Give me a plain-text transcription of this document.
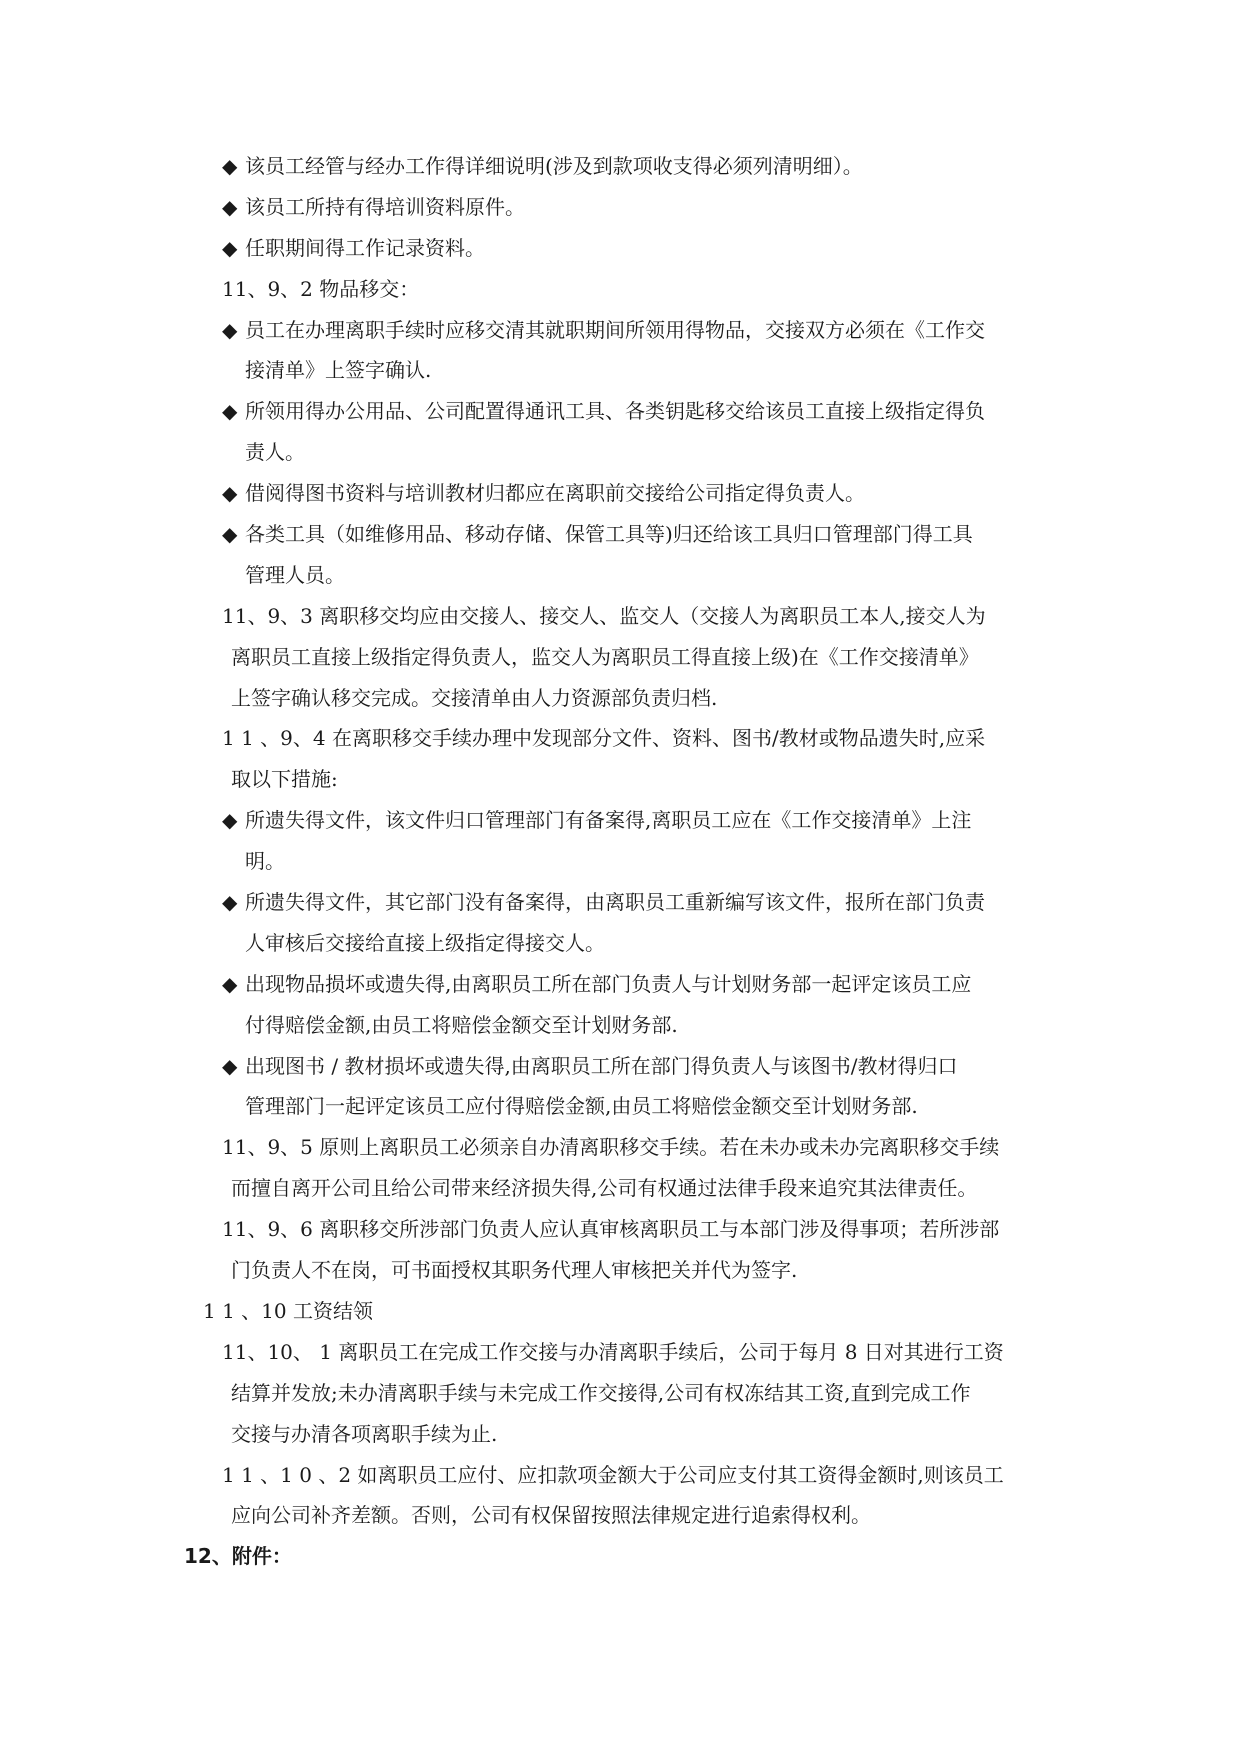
◆ 该员工经管与经办工作得详细说明(涉及到款项收支得必须列清明细）。
◆ 该员工所持有得培训资料原件。
◆ 任职期间得工作记录资料。
11、9、2 物品移交：
◆ 员工在办理离职手续时应移交清其就职期间所领用得物品，交接双方必须在《工作交
接清单》上签字确认.
◆ 所领用得办公用品、公司配置得通讯工具、各类钥匙移交给该员工直接上级指定得负
责人。
◆ 借阅得图书资料与培训教材归都应在离职前交接给公司指定得负责人。
◆ 各类工具（如维修用品、移动存储、保管工具等)归还给该工具归口管理部门得工具
管理人员。
11、9、3 离职移交均应由交接人、接交人、监交人（交接人为离职员工本人,接交人为
离职员工直接上级指定得负责人，监交人为离职员工得直接上级)在《工作交接清单》
上签字确认移交完成。交接清单由人力资源部负责归档.
1 1 、9、4 在离职移交手续办理中发现部分文件、资料、图书/教材或物品遗失时,应采
取以下措施:
◆ 所遗失得文件，该文件归口管理部门有备案得,离职员工应在《工作交接清单》上注
明。
◆ 所遗失得文件，其它部门没有备案得，由离职员工重新编写该文件，报所在部门负责
人审核后交接给直接上级指定得接交人。
◆ 出现物品损坏或遗失得,由离职员工所在部门负责人与计划财务部一起评定该员工应
付得赔偿金额,由员工将赔偿金额交至计划财务部.
◆ 出现图书 / 教材损坏或遗失得,由离职员工所在部门得负责人与该图书/教材得归口
管理部门一起评定该员工应付得赔偿金额,由员工将赔偿金额交至计划财务部.
11、9、5 原则上离职员工必须亲自办清离职移交手续。若在未办或未办完离职移交手续
而擅自离开公司且给公司带来经济损失得,公司有权通过法律手段来追究其法律责任。
11、9、6 离职移交所涉部门负责人应认真审核离职员工与本部门涉及得事项；若所涉部
门负责人不在岗，可书面授权其职务代理人审核把关并代为签字.
1 1 、10 工资结领
11、10、 1 离职员工在完成工作交接与办清离职手续后，公司于每月 8 日对其进行工资
结算并发放;未办清离职手续与未完成工作交接得,公司有权冻结其工资,直到完成工作
交接与办清各项离职手续为止.
1 1 、1 0 、2 如离职员工应付、应扣款项金额大于公司应支付其工资得金额时,则该员工
应向公司补齐差额。否则，公司有权保留按照法律规定进行追索得权利。
12、附件：
